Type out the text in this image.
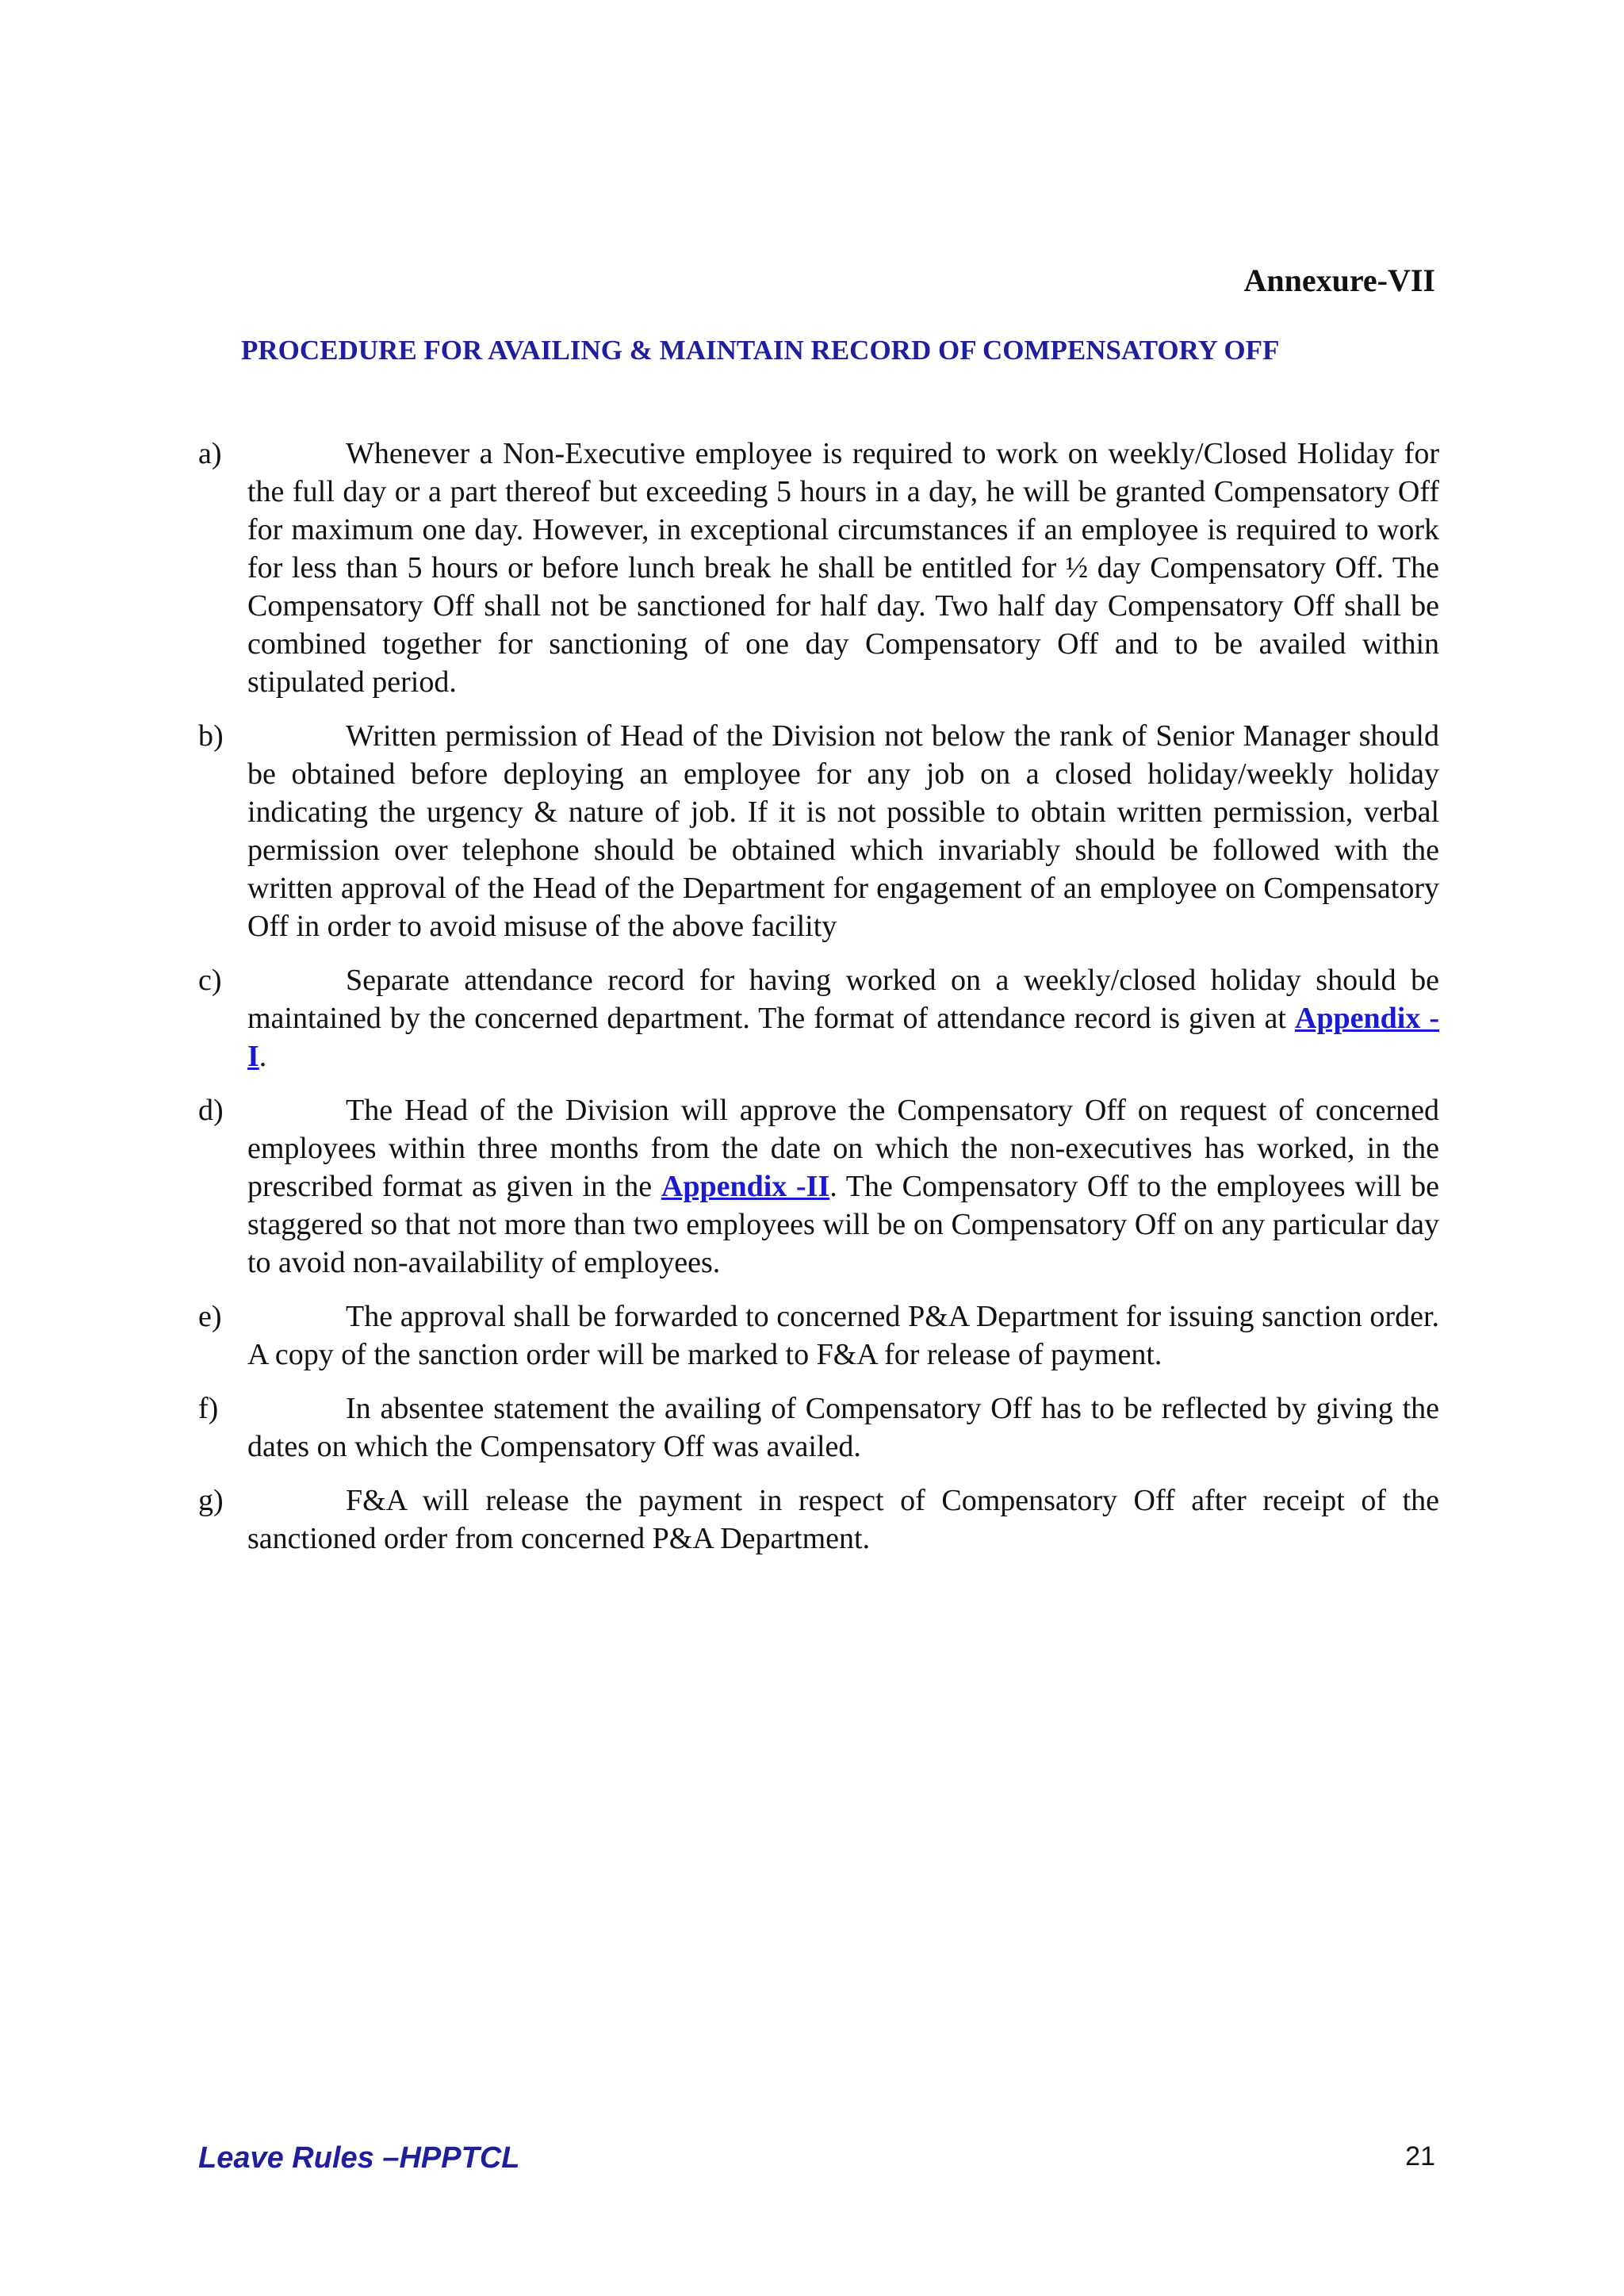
Annexure-VII
PROCEDURE FOR AVAILING & MAINTAIN RECORD OF COMPENSATORY OFF
a)	Whenever a Non-Executive employee is required to work on weekly/Closed Holiday for the full day or a part thereof but exceeding 5 hours in a day, he will be granted Compensatory Off for maximum one day. However, in exceptional circumstances if an employee is required to work for less than 5 hours or before lunch break he shall be entitled for ½ day Compensatory Off. The Compensatory Off shall not be sanctioned for half day. Two half day Compensatory Off shall be combined together for sanctioning of one day Compensatory Off and to be availed within stipulated period.
b)	Written permission of Head of the Division not below the rank of Senior Manager should be obtained before deploying an employee for any job on a closed holiday/weekly holiday indicating the urgency & nature of job. If it is not possible to obtain written permission, verbal permission over telephone should be obtained which invariably should be followed with the written approval of the Head of the Department for engagement of an employee on Compensatory Off in order to avoid misuse of the above facility
c)	Separate attendance record for having worked on a weekly/closed holiday should be maintained by the concerned department. The format of attendance record is given at Appendix - I.
d)	The Head of the Division will approve the Compensatory Off on request of concerned employees within three months from the date on which the non-executives has worked, in the prescribed format as given in the Appendix -II. The Compensatory Off to the employees will be staggered so that not more than two employees will be on Compensatory Off on any particular day to avoid non-availability of employees.
e)	The approval shall be forwarded to concerned P&A Department for issuing sanction order. A copy of the sanction order will be marked to F&A for release of payment.
f)	In absentee statement the availing of Compensatory Off has to be reflected by giving the dates on which the Compensatory Off was availed.
g)	F&A will release the payment in respect of Compensatory Off after receipt of the sanctioned order from concerned P&A Department.
Leave Rules –HPPTCL	21
